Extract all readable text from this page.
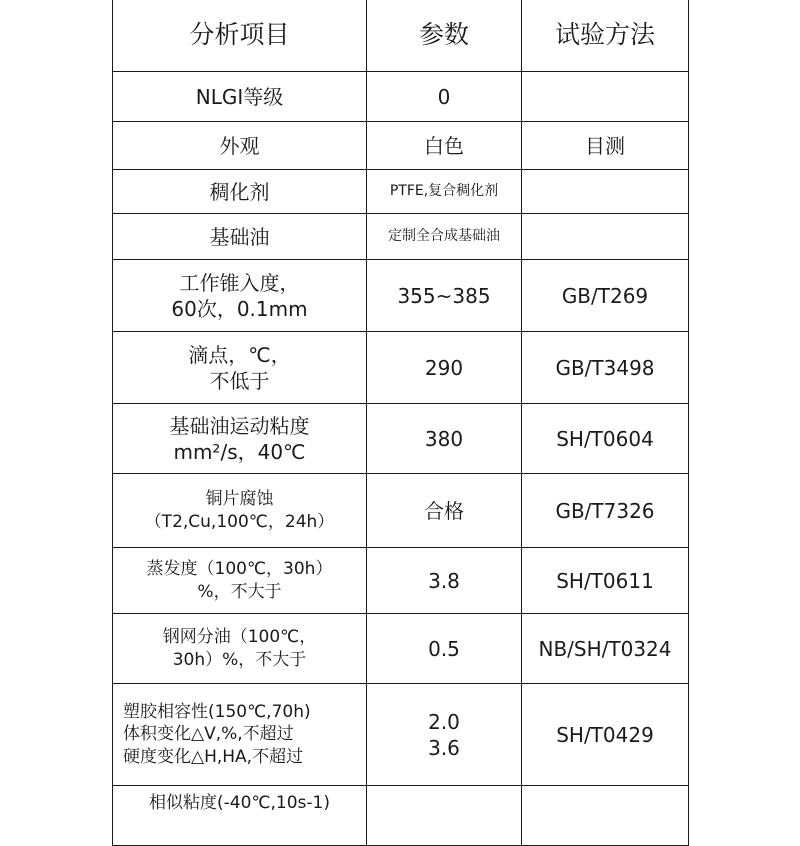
分析项目	参数	试验方法

NLGI等级	0	

外观	白色	目测

稠化剂	PTFE,复合稠化剂	

基础油	定制全合成基础油	

工作锥入度，
60次，0.1mm	355~385	GB/T269

滴点，℃，
不低于	290	GB/T3498

基础油运动粘度
mm²/s，40℃	380	SH/T0604

铜片腐蚀
（T2,Cu,100℃，24h）	合格	GB/T7326

蒸发度（100℃，30h）
%，不大于	3.8	SH/T0611

钢网分油（100℃，
30h）%，不大于	0.5	NB/SH/T0324

塑胶相容性(150℃,70h)
体积变化△V,%,不超过
硬度变化△H,HA,不超过	2.0
3.6	SH/T0429

相似粘度(-40℃,10s-1)		
